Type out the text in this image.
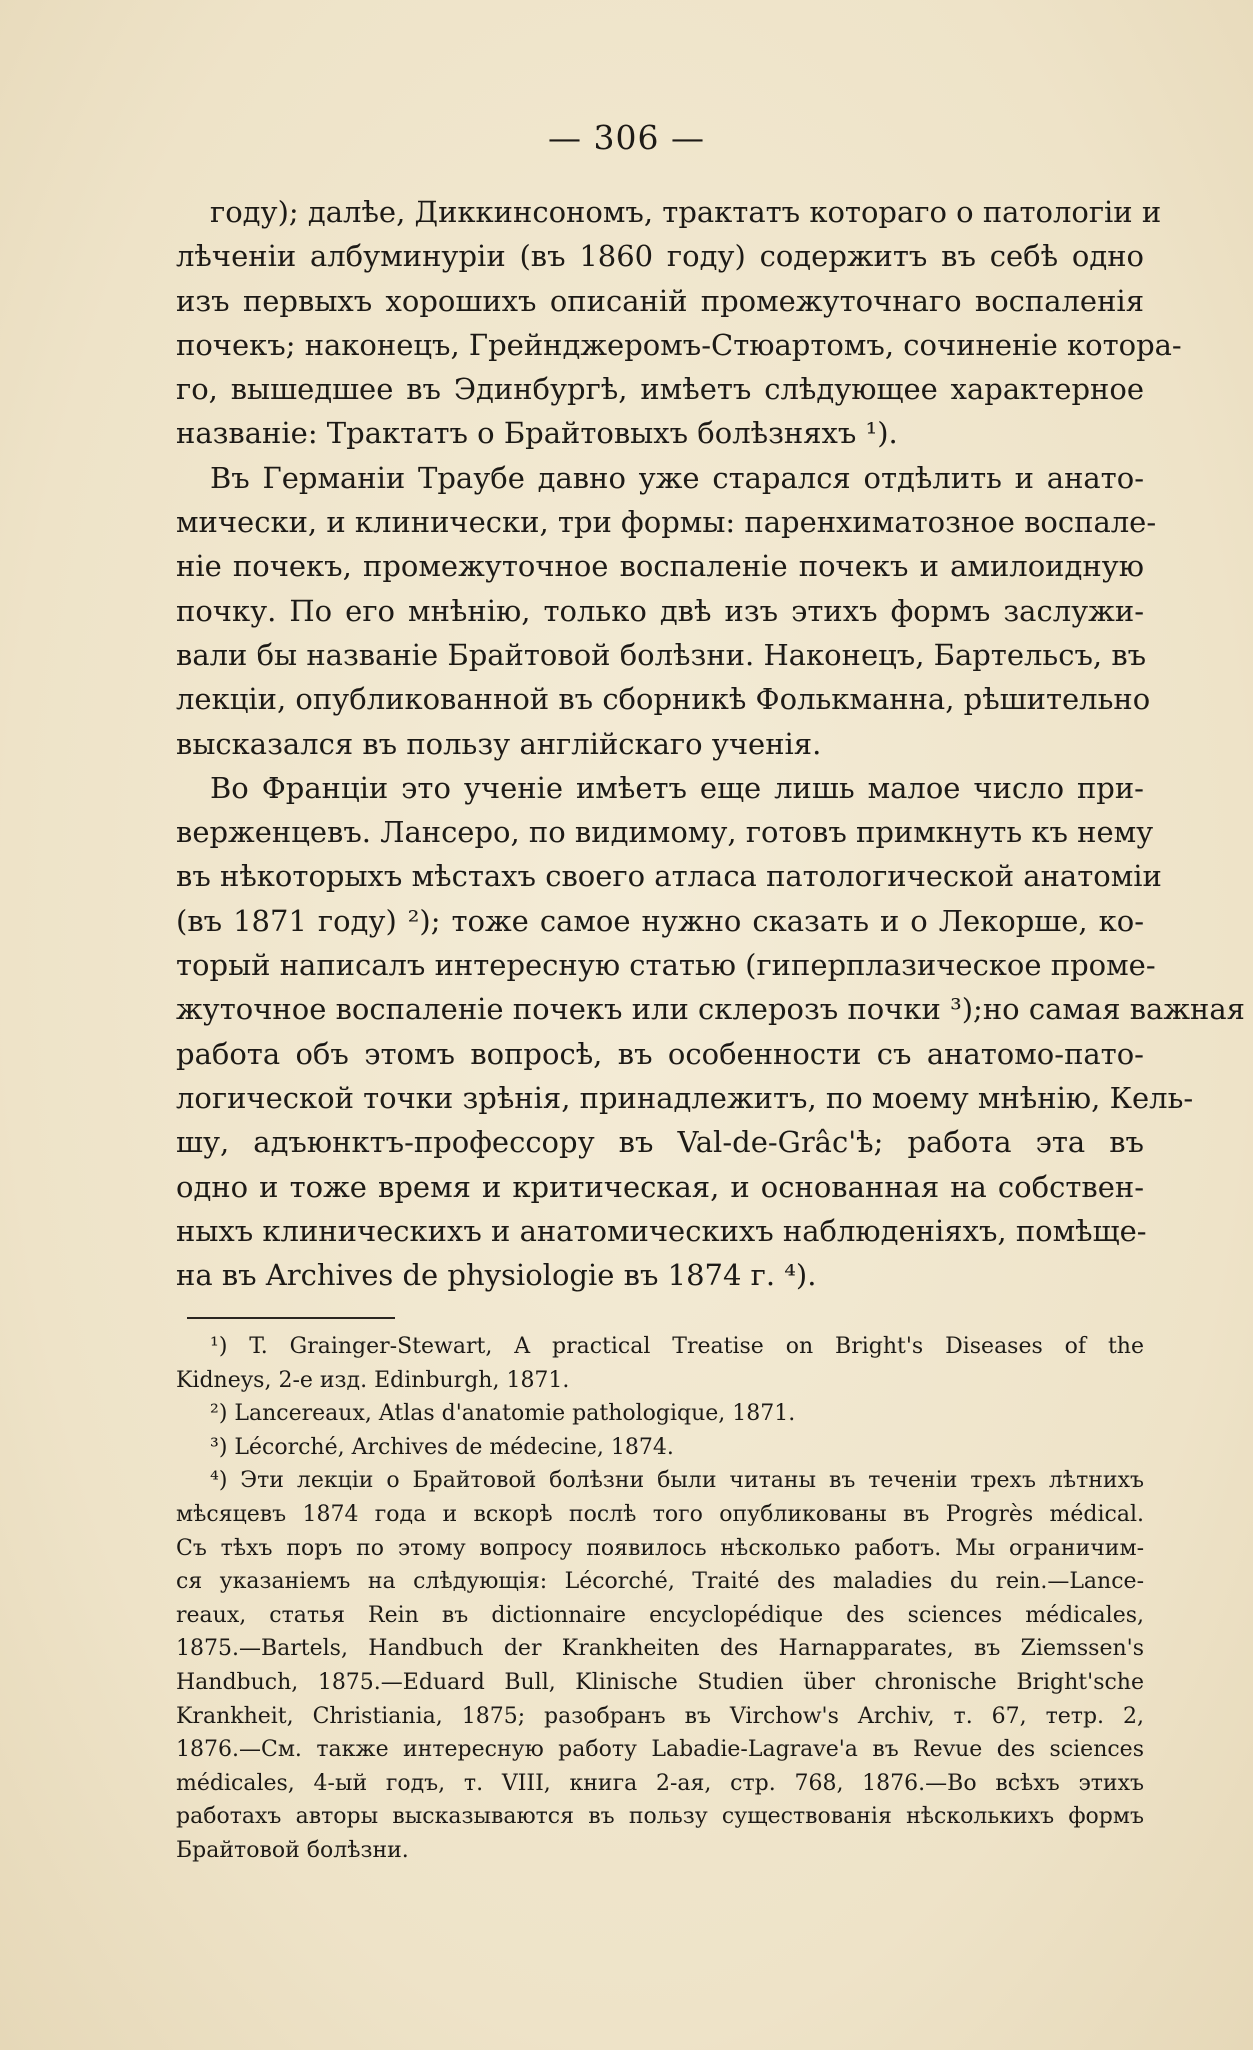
— 306 —
году); далѣе, Диккинсономъ, трактатъ котораго о патологіи и
лѣченіи албуминуріи (въ 1860 году) содержитъ въ себѣ одно
изъ первыхъ хорошихъ описаній промежуточнаго воспаленія
почекъ; наконецъ, Грейнджеромъ-Стюартомъ, сочиненіе котора-
го, вышедшее въ Эдинбургѣ, имѣетъ слѣдующее характерное
названіе: Трактатъ о Брайтовыхъ болѣзняхъ ¹).
Въ Германіи Траубе давно уже старался отдѣлить и анато-
мически, и клинически, три формы: паренхиматозное воспале-
ніе почекъ, промежуточное воспаленіе почекъ и амилоидную
почку. По его мнѣнію, только двѣ изъ этихъ формъ заслужи-
вали бы названіе Брайтовой болѣзни. Наконецъ, Бартельсъ, въ
лекціи, опубликованной въ сборникѣ Фолькманна, рѣшительно
высказался въ пользу англійскаго ученія.
Во Франціи это ученіе имѣетъ еще лишь малое число при-
верженцевъ. Лансеро, по видимому, готовъ примкнуть къ нему
въ нѣкоторыхъ мѣстахъ своего атласа патологической анатоміи
(въ 1871 году) ²); тоже самое нужно сказать и о Лекорше, ко-
торый написалъ интересную статью (гиперплазическое проме-
жуточное воспаленіе почекъ или склерозъ почки ³);но самая важная
работа объ этомъ вопросѣ, въ особенности съ анатомо-пато-
логической точки зрѣнія, принадлежитъ, по моему мнѣнію, Кель-
шу, адъюнктъ-профессору въ Val-de-Grâc'ѣ; работа эта въ
одно и тоже время и критическая, и основанная на собствен-
ныхъ клиническихъ и анатомическихъ наблюденіяхъ, помѣще-
на въ Archives de physiologie въ 1874 г. ⁴).
¹) T. Grainger-Stewart, A practical Treatise on Bright's Diseases of the
Kidneys, 2-е изд. Edinburgh, 1871.
²) Lancereaux, Atlas d'anatomie pathologique, 1871.
³) Lécorché, Archives de médecine, 1874.
⁴) Эти лекціи о Брайтовой болѣзни были читаны въ теченіи трехъ лѣтнихъ
мѣсяцевъ 1874 года и вскорѣ послѣ того опубликованы въ Progrès médical.
Съ тѣхъ поръ по этому вопросу появилось нѣсколько работъ. Мы ограничим-
ся указаніемъ на слѣдующія: Lécorché, Traité des maladies du rein.—Lance-
reaux, статья Rein въ dictionnaire encyclopédique des sciences médicales,
1875.—Bartels, Handbuch der Krankheiten des Harnapparates, въ Ziemssen's
Handbuch, 1875.—Eduard Bull, Klinische Studien über chronische Bright'sche
Krankheit, Christiania, 1875; разобранъ въ Virchow's Archiv, т. 67, тетр. 2,
1876.—См. также интересную работу Labadie-Lagrave'a въ Revue des sciences
médicales, 4-ый годъ, т. VIII, книга 2-ая, стр. 768, 1876.—Во всѣхъ этихъ
работахъ авторы высказываются въ пользу существованія нѣсколькихъ формъ
Брайтовой болѣзни.
